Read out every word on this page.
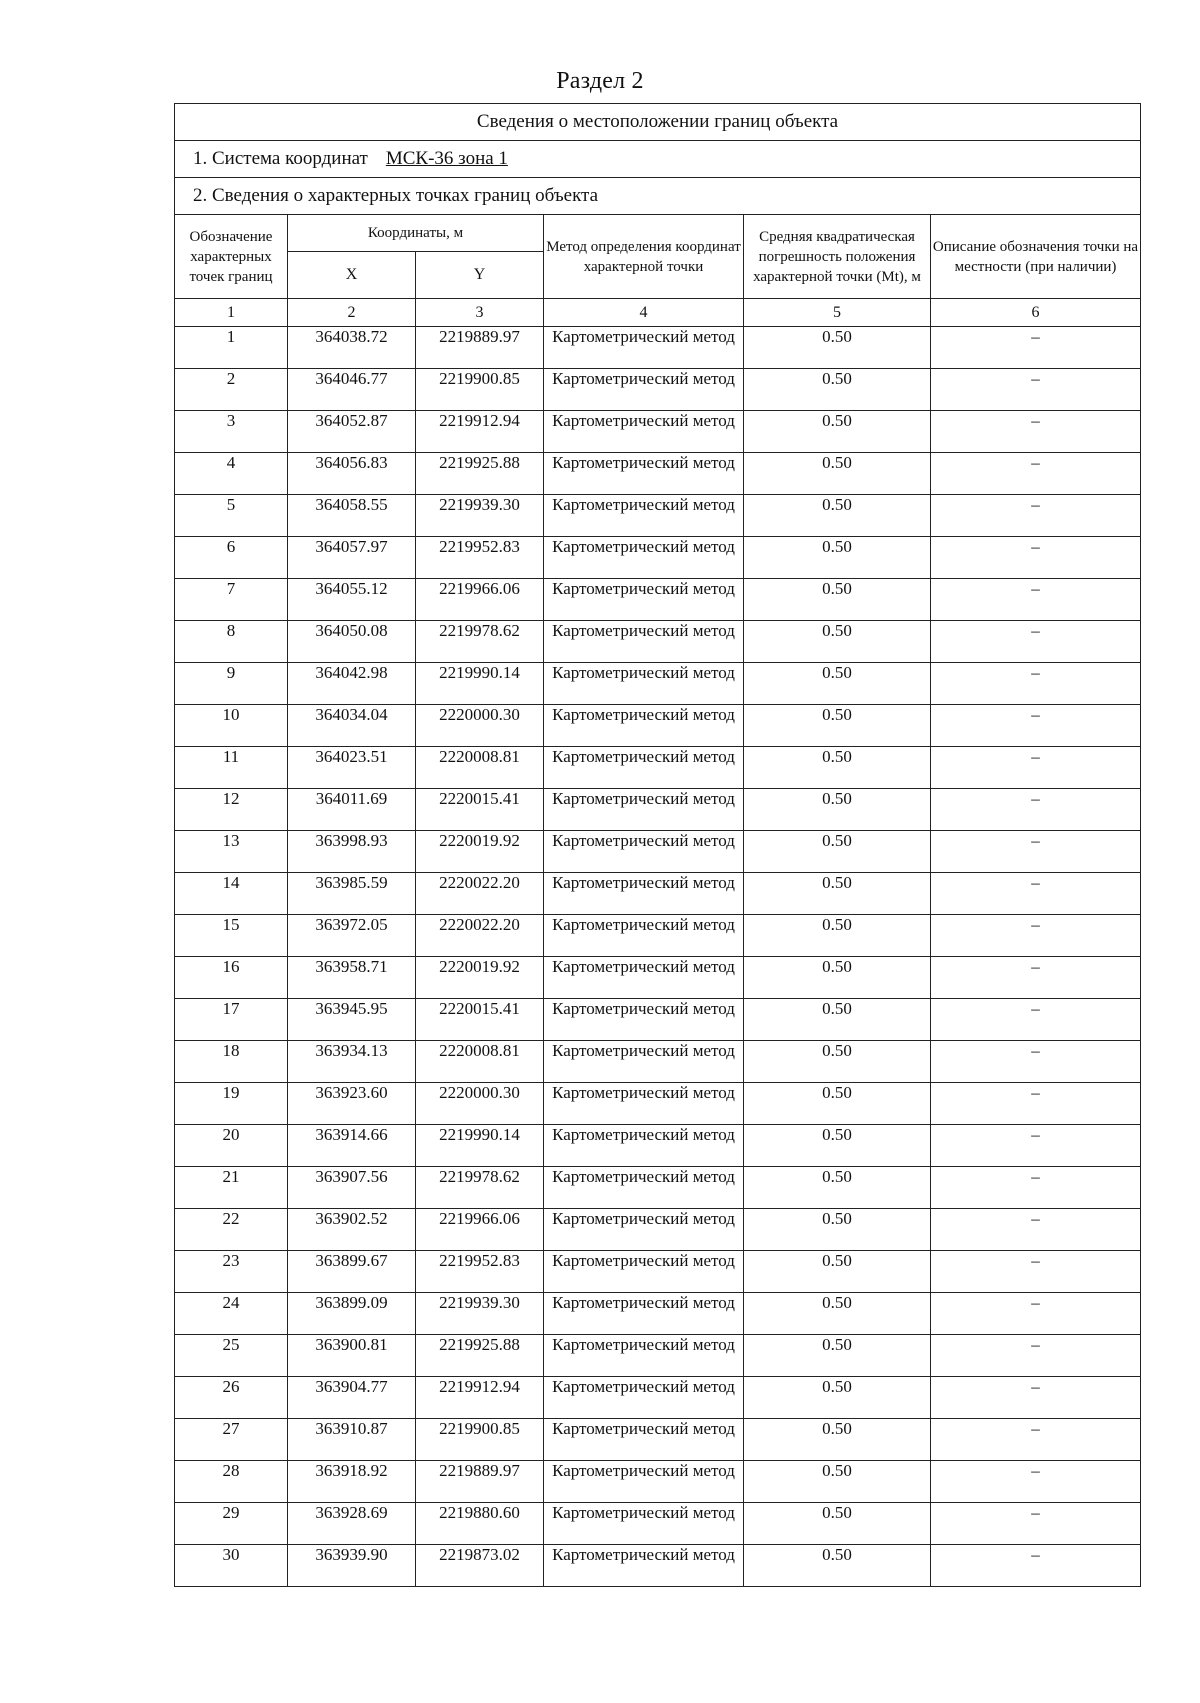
Раздел 2
Сведения о местоположении границ объекта					
1. Система координат МСК-36 зона 1					
2. Сведения о характерных точках границ объекта					
Обозначение характерных точек границ	Координаты, м		Метод определения координат характерной точки	Средняя квадратическая погрешность положения характерной точки (Mt), м	Описание обозначения точки на местности (при наличии)
	X	Y			
1	2	3	4	5	6
1	364038.72	2219889.97	Картометрический метод	0.50	–
2	364046.77	2219900.85	Картометрический метод	0.50	–
3	364052.87	2219912.94	Картометрический метод	0.50	–
4	364056.83	2219925.88	Картометрический метод	0.50	–
5	364058.55	2219939.30	Картометрический метод	0.50	–
6	364057.97	2219952.83	Картометрический метод	0.50	–
7	364055.12	2219966.06	Картометрический метод	0.50	–
8	364050.08	2219978.62	Картометрический метод	0.50	–
9	364042.98	2219990.14	Картометрический метод	0.50	–
10	364034.04	2220000.30	Картометрический метод	0.50	–
11	364023.51	2220008.81	Картометрический метод	0.50	–
12	364011.69	2220015.41	Картометрический метод	0.50	–
13	363998.93	2220019.92	Картометрический метод	0.50	–
14	363985.59	2220022.20	Картометрический метод	0.50	–
15	363972.05	2220022.20	Картометрический метод	0.50	–
16	363958.71	2220019.92	Картометрический метод	0.50	–
17	363945.95	2220015.41	Картометрический метод	0.50	–
18	363934.13	2220008.81	Картометрический метод	0.50	–
19	363923.60	2220000.30	Картометрический метод	0.50	–
20	363914.66	2219990.14	Картометрический метод	0.50	–
21	363907.56	2219978.62	Картометрический метод	0.50	–
22	363902.52	2219966.06	Картометрический метод	0.50	–
23	363899.67	2219952.83	Картометрический метод	0.50	–
24	363899.09	2219939.30	Картометрический метод	0.50	–
25	363900.81	2219925.88	Картометрический метод	0.50	–
26	363904.77	2219912.94	Картометрический метод	0.50	–
27	363910.87	2219900.85	Картометрический метод	0.50	–
28	363918.92	2219889.97	Картометрический метод	0.50	–
29	363928.69	2219880.60	Картометрический метод	0.50	–
30	363939.90	2219873.02	Картометрический метод	0.50	–
